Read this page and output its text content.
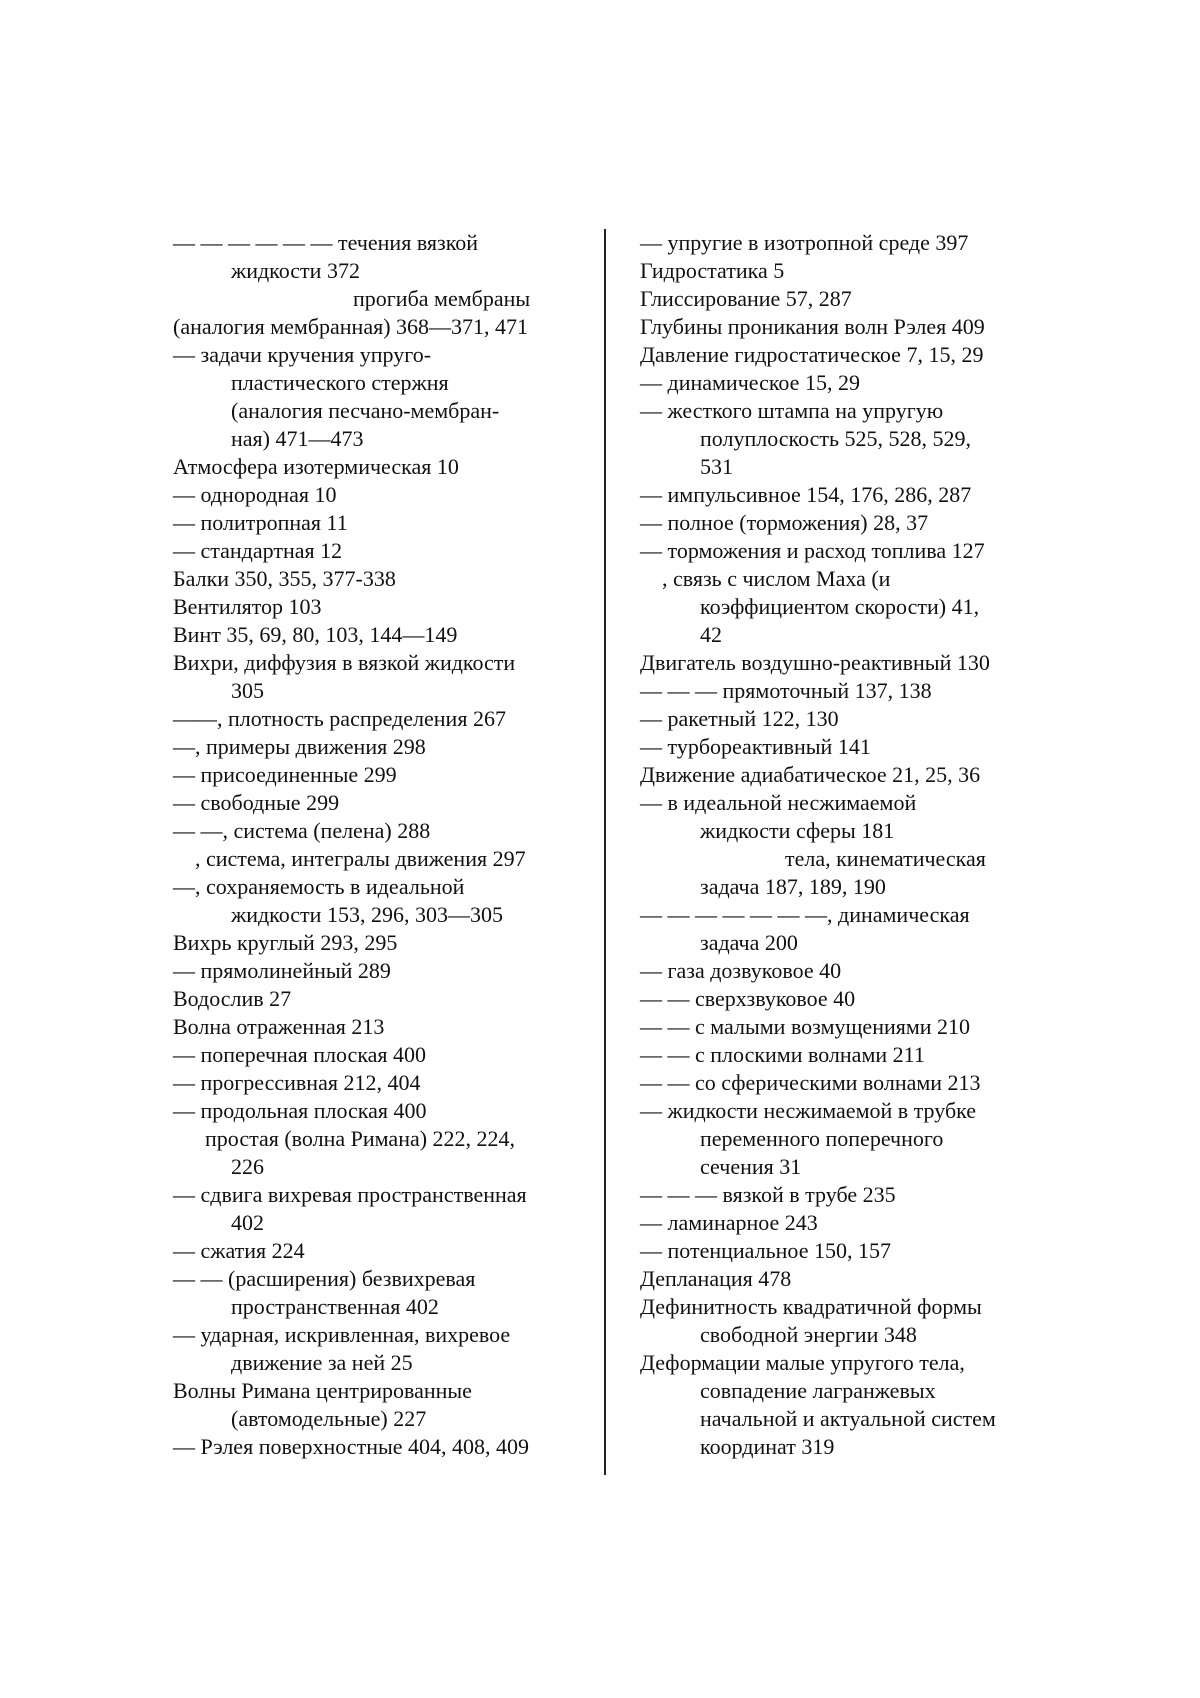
— — — — — — течения вязкой
жидкости 372
прогиба мембраны
(аналогия мембранная) 368—371, 471
— задачи кручения упруго-
пластического стержня
(аналогия песчано-мембран-
ная) 471—473
Атмосфера изотермическая 10
— однородная 10
— политропная 11
— стандартная 12
Балки 350, 355, 377-338
Вентилятор 103
Винт 35, 69, 80, 103, 144—149
Вихри, диффузия в вязкой жидкости
305
——, плотность распределения 267
—, примеры движения 298
— присоединенные 299
— свободные 299
— —, система (пелена) 288
, система, интегралы движения 297
—, сохраняемость в идеальной
жидкости 153, 296, 303—305
Вихрь круглый 293, 295
— прямолинейный 289
Водослив 27
Волна отраженная 213
— поперечная плоская 400
— прогрессивная 212, 404
— продольная плоская 400
простая (волна Римана) 222, 224,
226
— сдвига вихревая пространственная
402
— сжатия 224
— — (расширения) безвихревая
пространственная 402
— ударная, искривленная, вихревое
движение за ней 25
Волны Римана центрированные
(автомодельные) 227
— Рэлея поверхностные 404, 408, 409
— упругие в изотропной среде 397
Гидростатика 5
Глиссирование 57, 287
Глубины проникания волн Рэлея 409
Давление гидростатическое 7, 15, 29
— динамическое 15, 29
— жесткого штампа на упругую
полуплоскость 525, 528, 529,
531
— импульсивное 154, 176, 286, 287
— полное (торможения) 28, 37
— торможения и расход топлива 127
, связь с числом Маха (и
коэффициентом скорости) 41,
42
Двигатель воздушно-реактивный 130
— — — прямоточный 137, 138
— ракетный 122, 130
— турбореактивный 141
Движение адиабатическое 21, 25, 36
— в идеальной несжимаемой
жидкости сферы 181
тела, кинематическая
задача 187, 189, 190
— — — — — — —, динамическая
задача 200
— газа дозвуковое 40
— — сверхзвуковое 40
— — с малыми возмущениями 210
— — с плоскими волнами 211
— — со сферическими волнами 213
— жидкости несжимаемой в трубке
переменного поперечного
сечения 31
— — — вязкой в трубе 235
— ламинарное 243
— потенциальное 150, 157
Депланация 478
Дефинитность квадратичной формы
свободной энергии 348
Деформации малые упругого тела,
совпадение лагранжевых
начальной и актуальной систем
координат 319
